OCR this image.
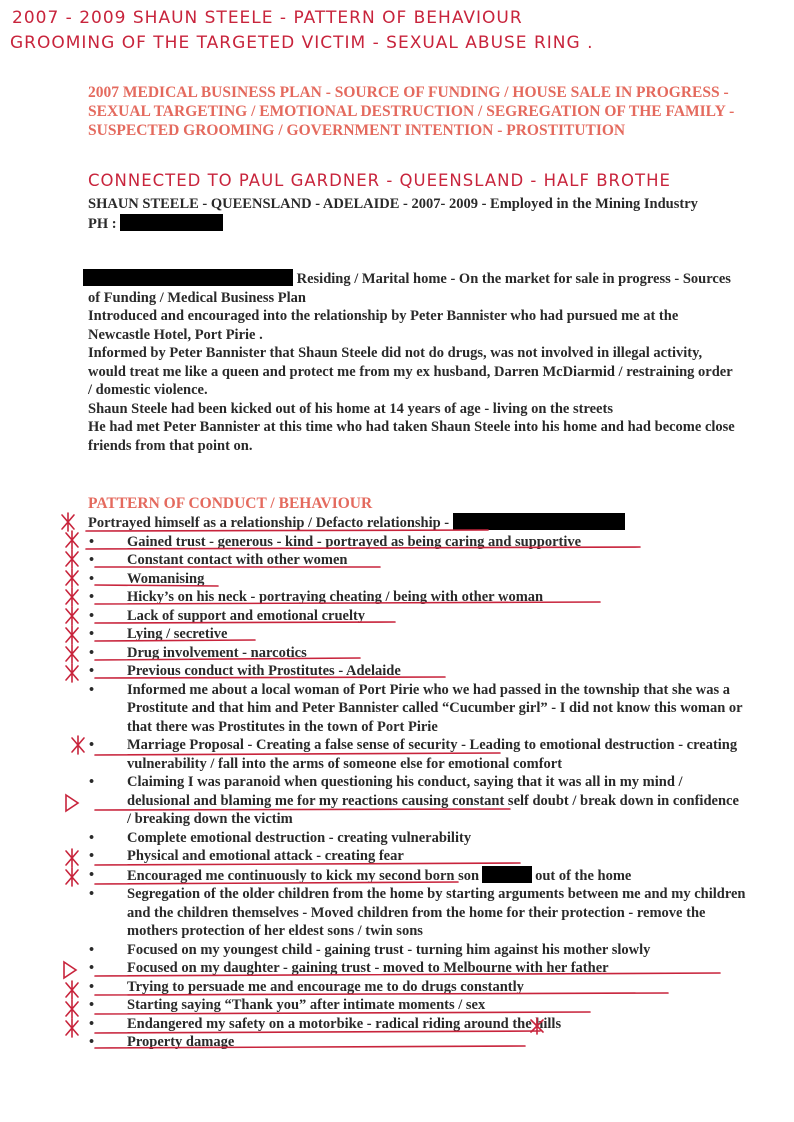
2007 - 2009 SHAUN STEELE - PATTERN OF BEHAVIOUR
GROOMING OF THE TARGETED VICTIM - SEXUAL ABUSE RING .
2007 MEDICAL BUSINESS PLAN - SOURCE OF FUNDING / HOUSE SALE IN PROGRESS - SEXUAL TARGETING / EMOTIONAL DESTRUCTION / SEGREGATION OF THE FAMILY - SUSPECTED GROOMING / GOVERNMENT INTENTION - PROSTITUTION
CONNECTED TO PAUL GARDNER - QUEENSLAND - HALF BROTHE

SHAUN STEELE - QUEENSLAND - ADELAIDE - 2007- 2009 - Employed in the Mining Industry

PH :

Residing / Marital home - On the market for sale in progress - Sources of Funding / Medical Business Plan

Introduced and encouraged into the relationship by Peter Bannister who had pursued me at the Newcastle Hotel, Port Pirie .

Informed by Peter Bannister that Shaun Steele did not do drugs, was not involved in illegal activity, would treat me like a queen and protect me from my ex husband, Darren McDiarmid / restraining order / domestic violence.

Shaun Steele had been kicked out of his home at 14 years of age - living on the streets

He had met Peter Bannister at this time who had taken Shaun Steele into his home and had become close friends from that point on.

PATTERN OF CONDUCT / BEHAVIOUR
Portrayed himself as a relationship / Defacto relationship -
• Gained trust - generous - kind - portrayed as being caring and supportive
• Constant contact with other women
• Womanising
• Hicky’s on his neck - portraying cheating / being with other woman
• Lack of support and emotional cruelty
• Lying / secretive
• Drug involvement - narcotics
• Previous conduct with Prostitutes - Adelaide
• Informed me about a local woman of Port Pirie who we had passed in the township that she was a Prostitute and that him and Peter Bannister called “Cucumber girl” - I did not know this woman or that there was Prostitutes in the town of Port Pirie
• Marriage Proposal - Creating a false sense of security - Leading to emotional destruction - creating vulnerability / fall into the arms of someone else for emotional comfort
• Claiming I was paranoid when questioning his conduct, saying that it was all in my mind / delusional and blaming me for my reactions causing constant self doubt / break down in confidence / breaking down the victim
• Complete emotional destruction - creating vulnerability
• Physical and emotional attack - creating fear
• Encouraged me continuously to kick my second born son	out of the home
• Segregation of the older children from the home by starting arguments between me and my children and the children themselves - Moved children from the home for their protection - remove the mothers protection of her eldest sons / twin sons
• Focused on my youngest child - gaining trust - turning him against his mother slowly
• Focused on my daughter - gaining trust - moved to Melbourne with her father
• Trying to persuade me and encourage me to do drugs constantly
• Starting saying “Thank you” after intimate moments / sex
• Endangered my safety on a motorbike - radical riding around the hills
• Property damage
